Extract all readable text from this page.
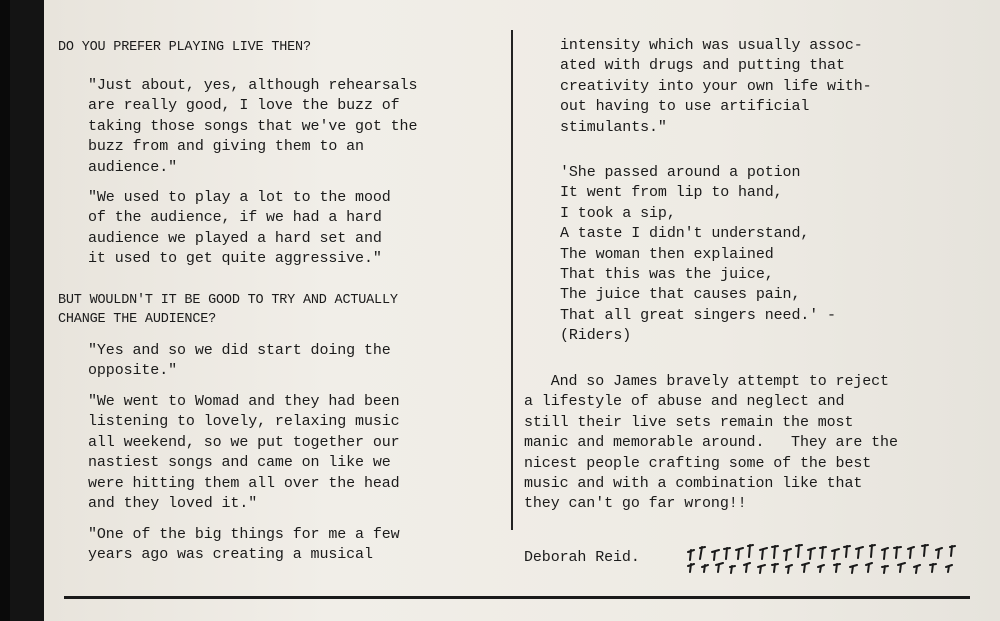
DO YOU PREFER PLAYING LIVE THEN?

"Just about, yes, although rehearsals
are really good, I love the buzz of
taking those songs that we've got the
buzz from and giving them to an
audience."

"We used to play a lot to the mood
of the audience, if we had a hard
audience we played a hard set and
it used to get quite aggressive."

BUT WOULDN'T IT BE GOOD TO TRY AND ACTUALLY
CHANGE THE AUDIENCE?

"Yes and so we did start doing the
opposite."

"We went to Womad and they had been
listening to lovely, relaxing music
all weekend, so we put together our
nastiest songs and came on like we
were hitting them all over the head
and they loved it."

"One of the big things for me a few
years ago was creating a musical

intensity which was usually assoc-
ated with drugs and putting that
creativity into your own life with-
out having to use artificial
stimulants."

'She passed around a potion
It went from lip to hand,
I took a sip,
A taste I didn't understand,
The woman then explained
That this was the juice,
The juice that causes pain,
That all great singers need.' -
(Riders)

And so James bravely attempt to reject
a lifestyle of abuse and neglect and
still their live sets remain the most
manic and memorable around.   They are the
nicest people crafting some of the best
music and with a combination like that
they can't go far wrong!!

Deborah Reid.
